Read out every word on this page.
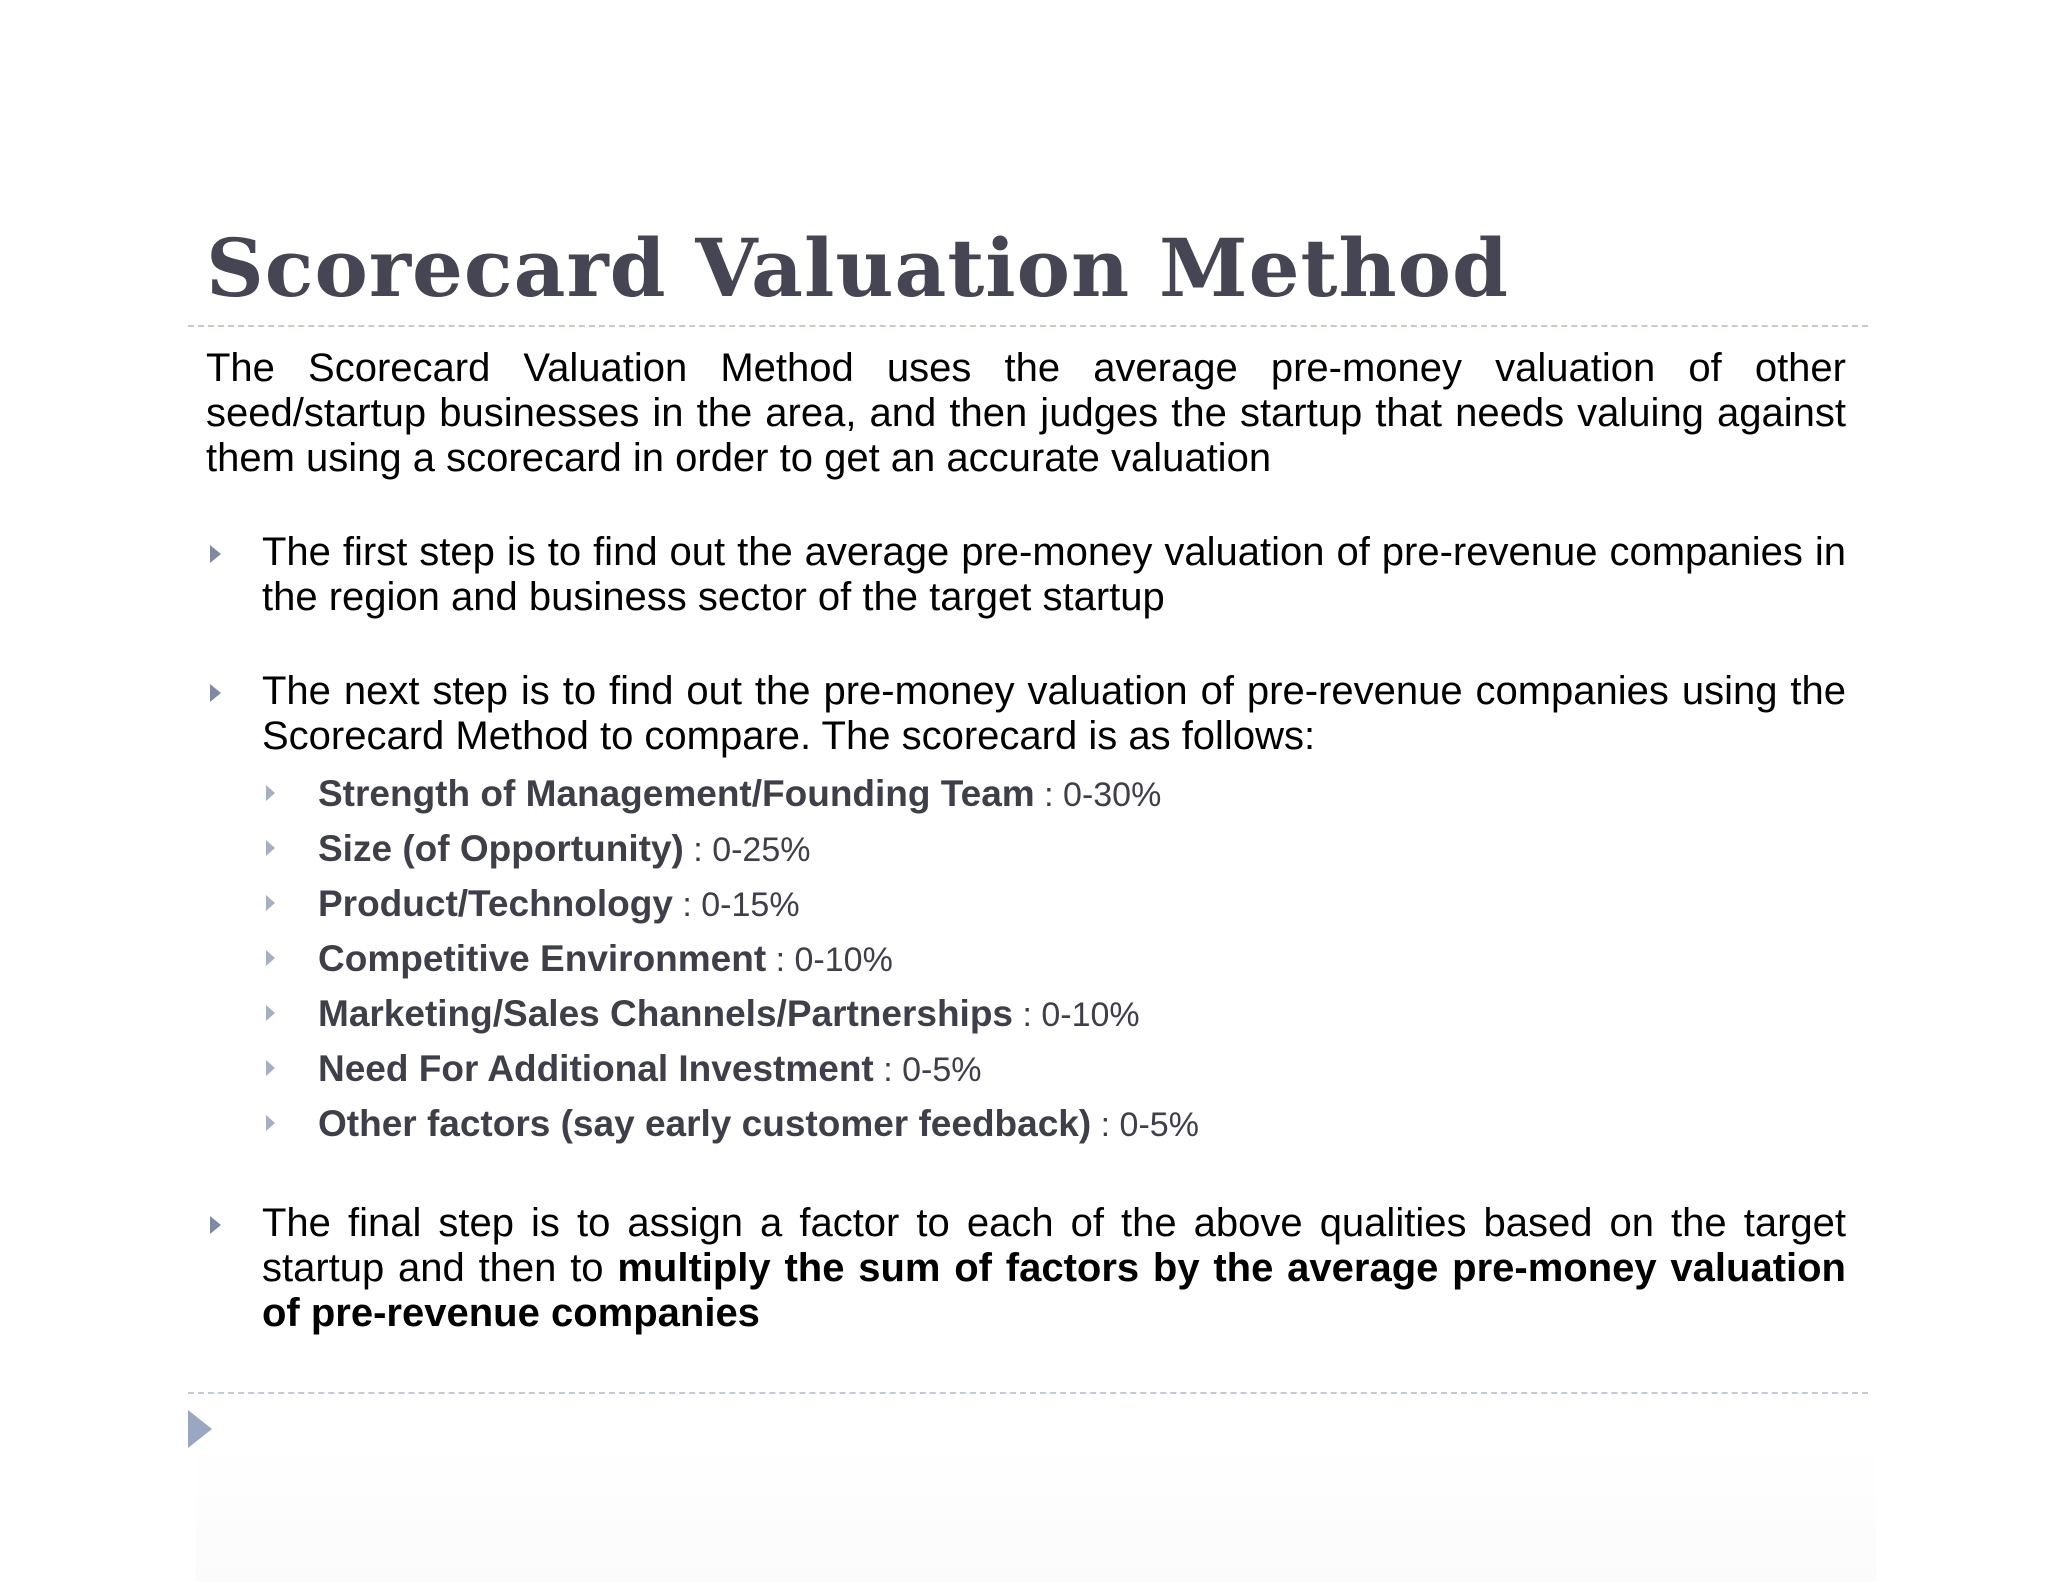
Scorecard Valuation Method

The Scorecard Valuation Method uses the average pre-money valuation of other seed/startup businesses in the area, and then judges the startup that needs valuing against them using a scorecard in order to get an accurate valuation

The first step is to find out the average pre-money valuation of pre-revenue companies in the region and business sector of the target startup
The next step is to find out the pre-money valuation of pre-revenue companies using the Scorecard Method to compare. The scorecard is as follows:
Strength of Management/Founding Team : 0-30%
Size (of Opportunity) : 0-25%
Product/Technology : 0-15%
Competitive Environment : 0-10%
Marketing/Sales Channels/Partnerships : 0-10%
Need For Additional Investment : 0-5%
Other factors (say early customer feedback) : 0-5%
The final step is to assign a factor to each of the above qualities based on the target startup and then to multiply the sum of factors by the average pre-money valuation of pre-revenue companies
